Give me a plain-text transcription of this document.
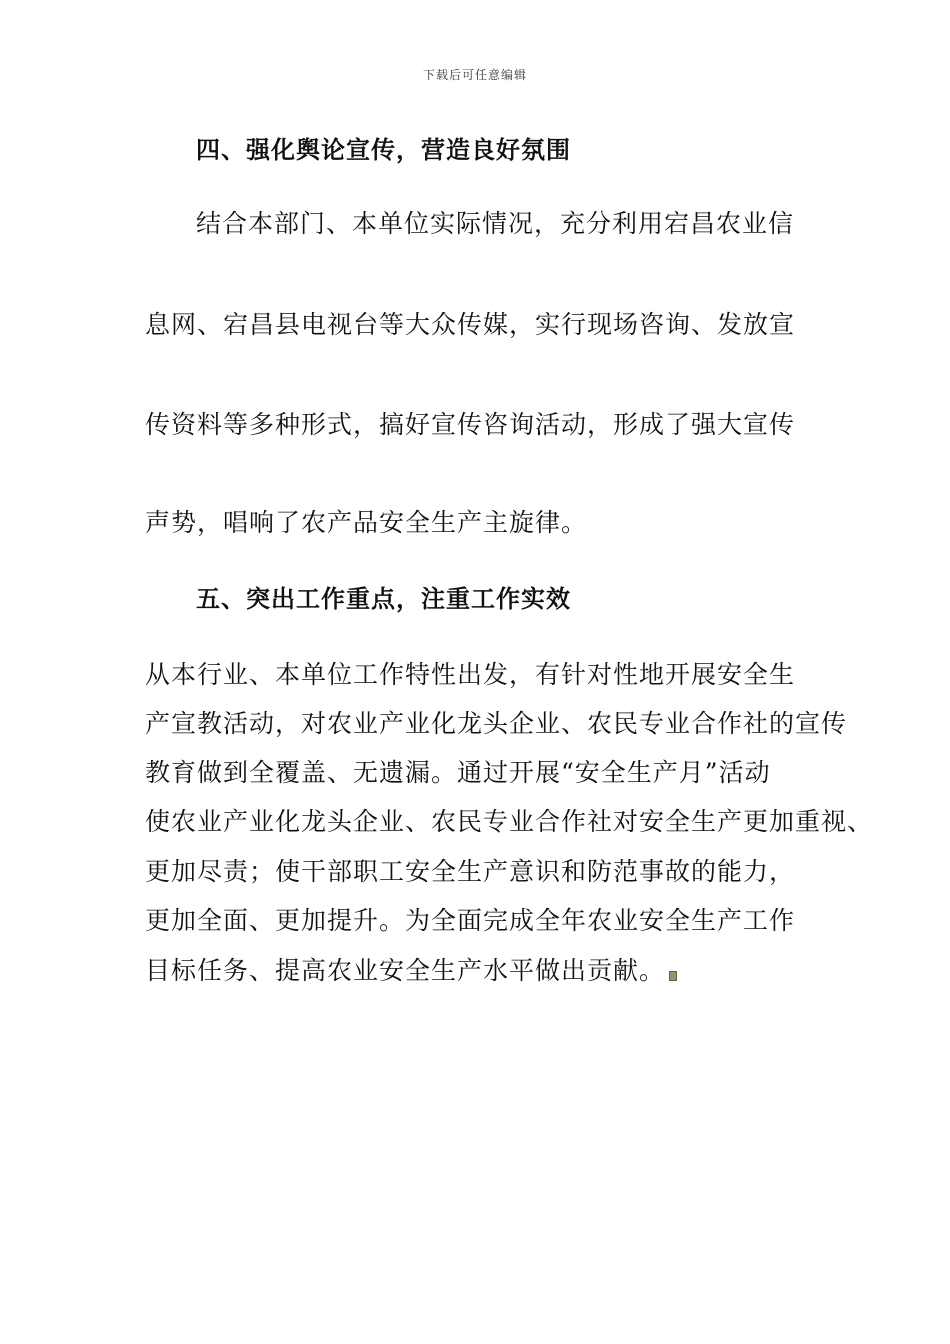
下载后可任意编辑
四、强化舆论宣传，营造良好氛围
结合本部门、本单位实际情况，充分利用宕昌农业信
息网、宕昌县电视台等大众传媒，实行现场咨询、发放宣
传资料等多种形式，搞好宣传咨询活动，形成了强大宣传
声势，唱响了农产品安全生产主旋律。
五、突出工作重点，注重工作实效
从本行业、本单位工作特性出发，有针对性地开展安全生
产宣教活动，对农业产业化龙头企业、农民专业合作社的宣传
教育做到全覆盖、无遗漏。通过开展“安全生产月”活动
使农业产业化龙头企业、农民专业合作社对安全生产更加重视、
更加尽责；使干部职工安全生产意识和防范事故的能力，
更加全面、更加提升。为全面完成全年农业安全生产工作
目标任务、提高农业安全生产水平做出贡献。
